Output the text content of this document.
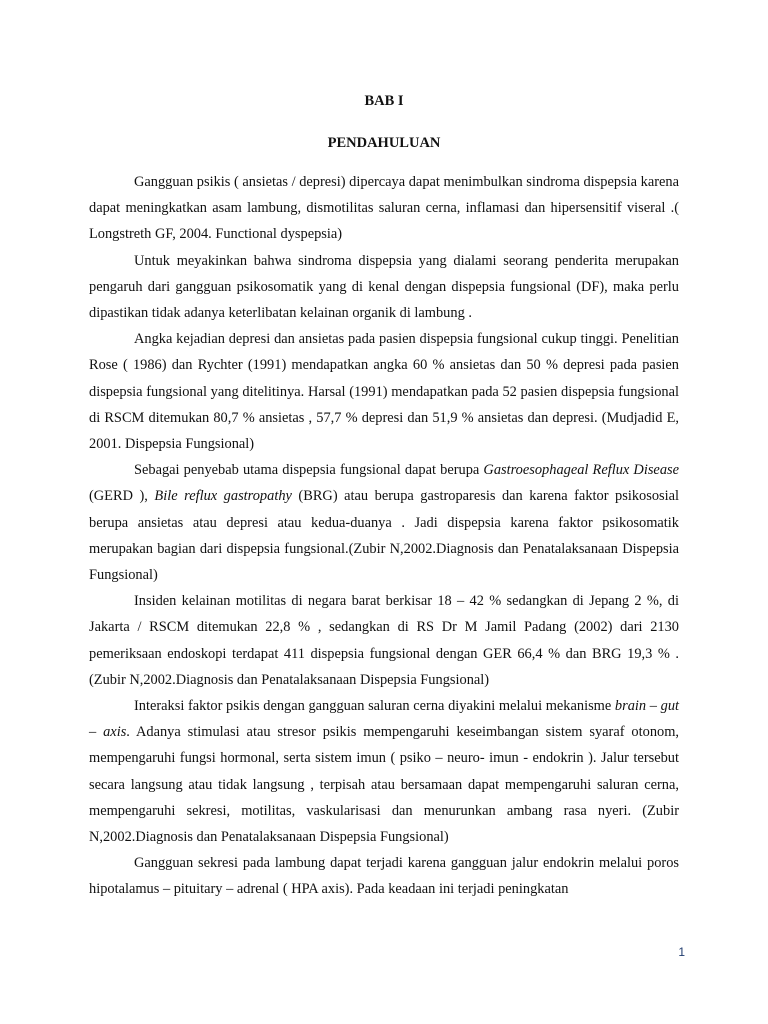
BAB I
PENDAHULUAN

Gangguan psikis ( ansietas / depresi) dipercaya dapat menimbulkan sindroma dispepsia karena dapat meningkatkan asam lambung, dismotilitas saluran cerna, inflamasi dan hipersensitif viseral .( Longstreth GF, 2004. Functional dyspepsia)

Untuk meyakinkan bahwa sindroma dispepsia yang dialami seorang penderita merupakan pengaruh dari gangguan psikosomatik yang di kenal dengan dispepsia fungsional (DF), maka perlu dipastikan tidak adanya keterlibatan kelainan organik di lambung .

Angka kejadian depresi dan ansietas pada pasien dispepsia fungsional cukup tinggi. Penelitian Rose ( 1986) dan Rychter (1991) mendapatkan angka 60 % ansietas dan 50 % depresi pada pasien dispepsia fungsional yang ditelitinya. Harsal (1991) mendapatkan pada 52 pasien dispepsia fungsional di RSCM ditemukan 80,7 % ansietas , 57,7 % depresi dan 51,9 % ansietas dan depresi. (Mudjadid E, 2001. Dispepsia Fungsional)

Sebagai penyebab utama dispepsia fungsional dapat berupa Gastroesophageal Reflux Disease (GERD ), Bile reflux gastropathy (BRG) atau berupa gastroparesis dan karena faktor psikososial berupa ansietas atau depresi atau kedua-duanya . Jadi dispepsia karena faktor psikosomatik merupakan bagian dari dispepsia fungsional.(Zubir N,2002.Diagnosis dan Penatalaksanaan Dispepsia Fungsional)

Insiden kelainan motilitas di negara barat berkisar 18 – 42 % sedangkan di Jepang 2 %, di Jakarta / RSCM ditemukan 22,8 % , sedangkan di RS Dr M Jamil Padang (2002) dari 2130 pemeriksaan endoskopi terdapat 411 dispepsia fungsional dengan GER 66,4 % dan BRG 19,3 % . (Zubir N,2002.Diagnosis dan Penatalaksanaan Dispepsia Fungsional)

Interaksi faktor psikis dengan gangguan saluran cerna diyakini melalui mekanisme brain – gut – axis. Adanya stimulasi atau stresor psikis mempengaruhi keseimbangan sistem syaraf otonom, mempengaruhi fungsi hormonal, serta sistem imun ( psiko – neuro- imun - endokrin ). Jalur tersebut secara langsung atau tidak langsung , terpisah atau bersamaan dapat mempengaruhi saluran cerna, mempengaruhi sekresi, motilitas, vaskularisasi dan menurunkan ambang rasa nyeri. (Zubir N,2002.Diagnosis dan Penatalaksanaan Dispepsia Fungsional)

Gangguan sekresi pada lambung dapat terjadi karena gangguan jalur endokrin melalui poros hipotalamus – pituitary – adrenal ( HPA axis). Pada keadaan ini terjadi peningkatan

1
